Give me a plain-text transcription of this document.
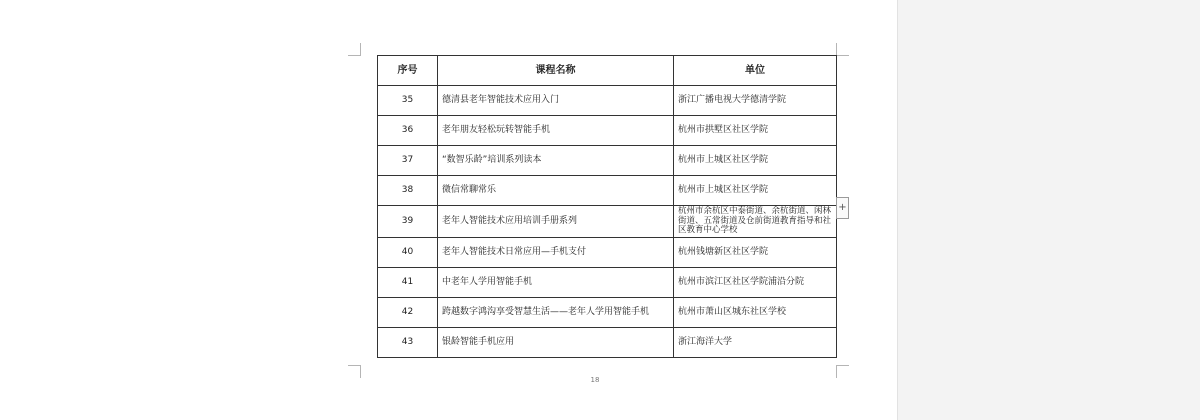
序号	课程名称	单位
35	德清县老年智能技术应用入门	浙江广播电视大学德清学院
36	老年朋友轻松玩转智能手机	杭州市拱墅区社区学院
37	“数智乐龄”培训系列读本	杭州市上城区社区学院
38	微信常聊常乐	杭州市上城区社区学院
39	老年人智能技术应用培训手册系列	杭州市余杭区中泰街道、余杭街道、闲林街道、五常街道及仓前街道教育指导和社区教育中心学校
40	老年人智能技术日常应用—手机支付	杭州钱塘新区社区学院
41	中老年人学用智能手机	杭州市滨江区社区学院浦沿分院
42	跨越数字鸿沟享受智慧生活——老年人学用智能手机	杭州市萧山区城东社区学校
43	银龄智能手机应用	浙江海洋大学
+
18
